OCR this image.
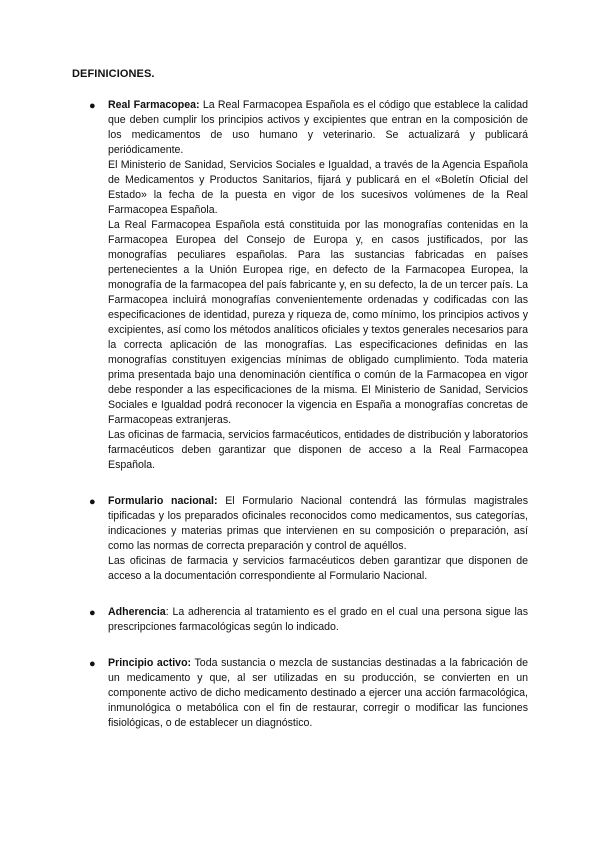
DEFINICIONES.
● Real Farmacopea: La Real Farmacopea Española es el código que establece la calidad que deben cumplir los principios activos y excipientes que entran en la composición de los medicamentos de uso humano y veterinario. Se actualizará y publicará periódicamente.

El Ministerio de Sanidad, Servicios Sociales e Igualdad, a través de la Agencia Española de Medicamentos y Productos Sanitarios, fijará y publicará en el «Boletín Oficial del Estado» la fecha de la puesta en vigor de los sucesivos volúmenes de la Real Farmacopea Española.

La Real Farmacopea Española está constituida por las monografías contenidas en la Farmacopea Europea del Consejo de Europa y, en casos justificados, por las monografías peculiares españolas. Para las sustancias fabricadas en países pertenecientes a la Unión Europea rige, en defecto de la Farmacopea Europea, la monografía de la farmacopea del país fabricante y, en su defecto, la de un tercer país. La Farmacopea incluirá monografías convenientemente ordenadas y codificadas con las especificaciones de identidad, pureza y riqueza de, como mínimo, los principios activos y excipientes, así como los métodos analíticos oficiales y textos generales necesarios para la correcta aplicación de las monografías. Las especificaciones definidas en las monografías constituyen exigencias mínimas de obligado cumplimiento. Toda materia prima presentada bajo una denominación científica o común de la Farmacopea en vigor debe responder a las especificaciones de la misma. El Ministerio de Sanidad, Servicios Sociales e Igualdad podrá reconocer la vigencia en España a monografías concretas de Farmacopeas extranjeras.

Las oficinas de farmacia, servicios farmacéuticos, entidades de distribución y laboratorios farmacéuticos deben garantizar que disponen de acceso a la Real Farmacopea Española.

● Formulario nacional: El Formulario Nacional contendrá las fórmulas magistrales tipificadas y los preparados oficinales reconocidos como medicamentos, sus categorías, indicaciones y materias primas que intervienen en su composición o preparación, así como las normas de correcta preparación y control de aquéllos.

Las oficinas de farmacia y servicios farmacéuticos deben garantizar que disponen de acceso a la documentación correspondiente al Formulario Nacional.

● Adherencia: La adherencia al tratamiento es el grado en el cual una persona sigue las prescripciones farmacológicas según lo indicado.

● Principio activo: Toda sustancia o mezcla de sustancias destinadas a la fabricación de un medicamento y que, al ser utilizadas en su producción, se convierten en un componente activo de dicho medicamento destinado a ejercer una acción farmacológica, inmunológica o metabólica con el fin de restaurar, corregir o modificar las funciones fisiológicas, o de establecer un diagnóstico.
